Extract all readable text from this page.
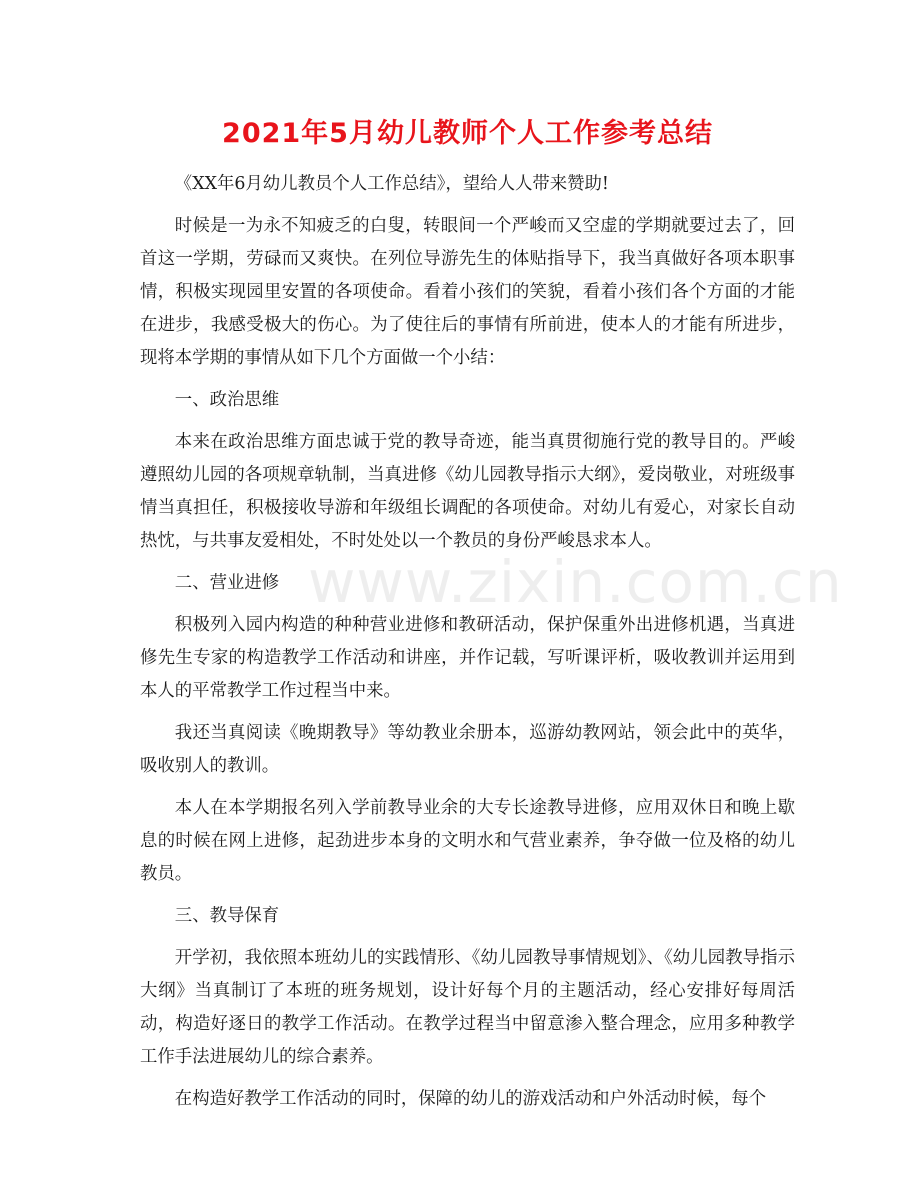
www.zixin.com.cn
2021年5月幼儿教师个人工作参考总结

《XX年6月幼儿教员个人工作总结》，望给人人带来赞助!

时候是一为永不知疲乏的白叟，转眼间一个严峻而又空虚的学期就要过去了，回首这一学期，劳碌而又爽快。在列位导游先生的体贴指导下，我当真做好各项本职事情，积极实现园里安置的各项使命。看着小孩们的笑貌，看着小孩们各个方面的才能在进步，我感受极大的伤心。为了使往后的事情有所前进，使本人的才能有所进步，现将本学期的事情从如下几个方面做一个小结：

一、政治思维

本来在政治思维方面忠诚于党的教导奇迹，能当真贯彻施行党的教导目的。严峻遵照幼儿园的各项规章轨制，当真进修《幼儿园教导指示大纲》，爱岗敬业，对班级事情当真担任，积极接收导游和年级组长调配的各项使命。对幼儿有爱心，对家长自动热忱，与共事友爱相处，不时处处以一个教员的身份严峻恳求本人。

二、营业进修

积极列入园内构造的种种营业进修和教研活动，保护保重外出进修机遇，当真进修先生专家的构造教学工作活动和讲座，并作记载，写听课评析，吸收教训并运用到本人的平常教学工作过程当中来。

我还当真阅读《晚期教导》等幼教业余册本，巡游幼教网站，领会此中的英华，吸收别人的教训。

本人在本学期报名列入学前教导业余的大专长途教导进修，应用双休日和晚上歇息的时候在网上进修，起劲进步本身的文明水和气营业素养，争夺做一位及格的幼儿教员。

三、教导保育

开学初，我依照本班幼儿的实践情形、《幼儿园教导事情规划》、《幼儿园教导指示大纲》当真制订了本班的班务规划，设计好每个月的主题活动，经心安排好每周活动，构造好逐日的教学工作活动。在教学过程当中留意渗入整合理念，应用多种教学工作手法进展幼儿的综合素养。

在构造好教学工作活动的同时，保障的幼儿的游戏活动和户外活动时候，每个
